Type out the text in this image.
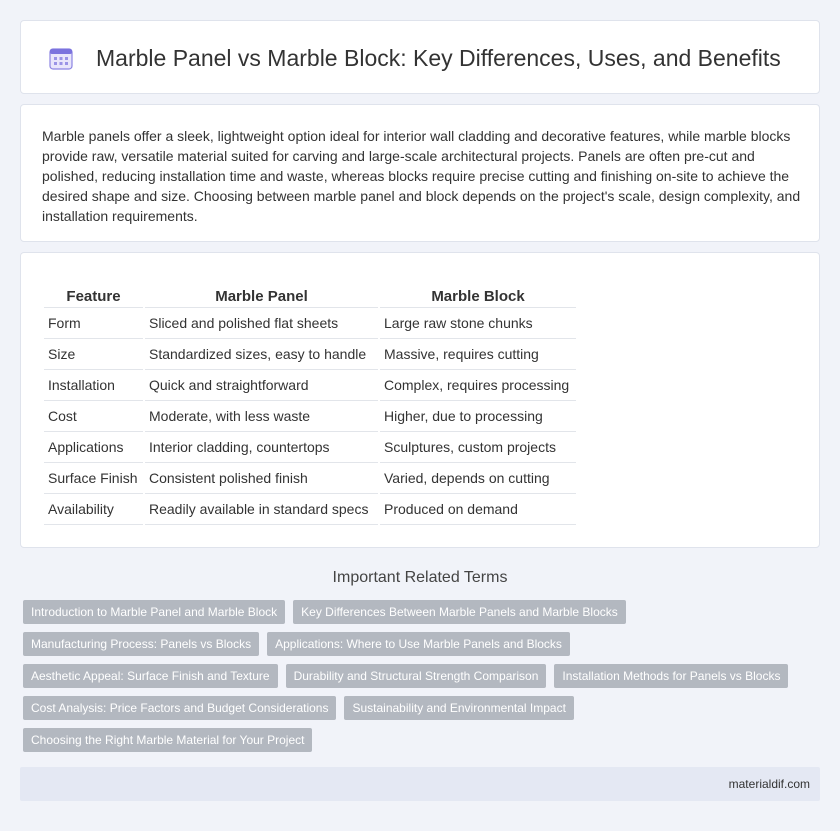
Marble Panel vs Marble Block: Key Differences, Uses, and Benefits

Marble panels offer a sleek, lightweight option ideal for interior wall cladding and decorative features, while marble blocks provide raw, versatile material suited for carving and large-scale architectural projects. Panels are often pre-cut and polished, reducing installation time and waste, whereas blocks require precise cutting and finishing on-site to achieve the desired shape and size. Choosing between marble panel and block depends on the project's scale, design complexity, and installation requirements.

Feature	Marble Panel	Marble Block
Form	Sliced and polished flat sheets	Large raw stone chunks
Size	Standardized sizes, easy to handle	Massive, requires cutting
Installation	Quick and straightforward	Complex, requires processing
Cost	Moderate, with less waste	Higher, due to processing
Applications	Interior cladding, countertops	Sculptures, custom projects
Surface Finish	Consistent polished finish	Varied, depends on cutting
Availability	Readily available in standard specs	Produced on demand
Important Related Terms
Introduction to Marble Panel and Marble Block	Key Differences Between Marble Panels and Marble Blocks
Manufacturing Process: Panels vs Blocks	Applications: Where to Use Marble Panels and Blocks
Aesthetic Appeal: Surface Finish and Texture	Durability and Structural Strength Comparison	Installation Methods for Panels vs Blocks
Cost Analysis: Price Factors and Budget Considerations	Sustainability and Environmental Impact
Choosing the Right Marble Material for Your Project
materialdif.com
